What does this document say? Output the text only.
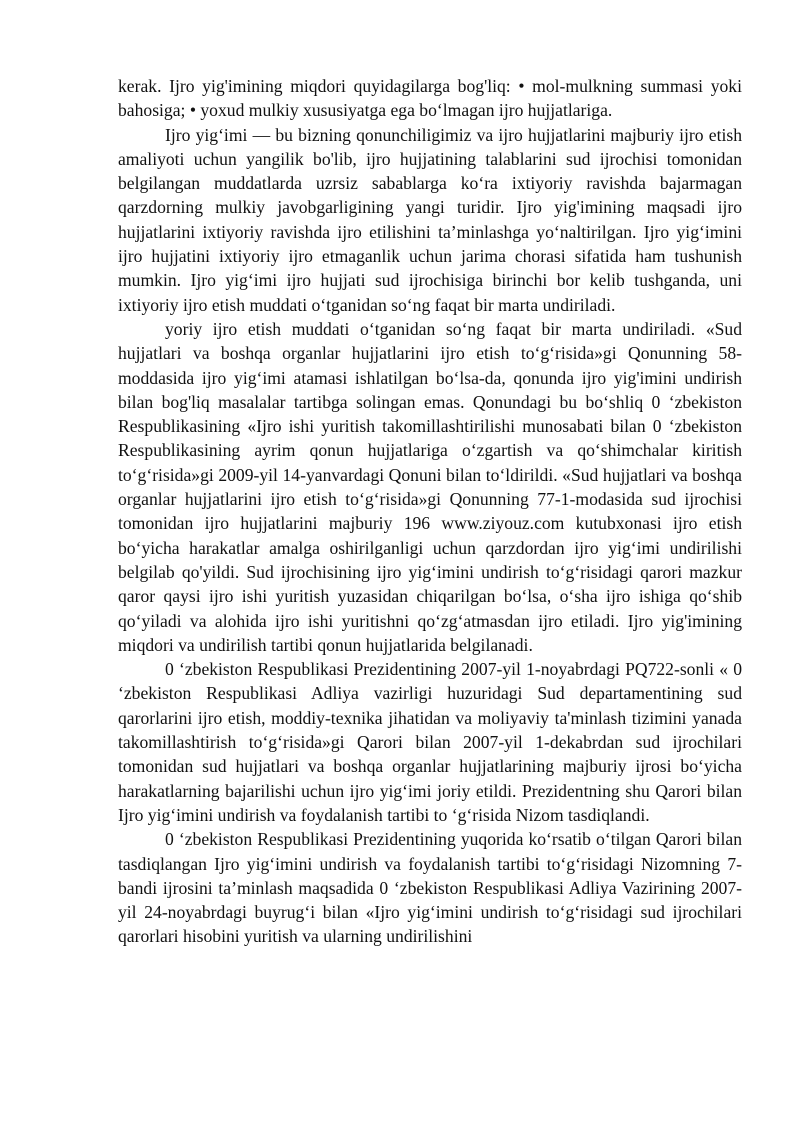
kerak. Ijro yig'imining miqdori quyidagilarga bog'liq: • mol-mulkning summasi yoki bahosiga; • yoxud mulkiy xususiyatga ega bo‘lmagan ijro hujjatlariga.

Ijro yig‘imi — bu bizning qonunchiligimiz va ijro hujjatlarini majburiy ijro etish amaliyoti uchun yangilik bo'lib, ijro hujjatining talablarini sud ijrochisi tomonidan belgilangan muddatlarda uzrsiz sabablarga ko‘ra ixtiyoriy ravishda bajarmagan qarzdorning mulkiy javobgarligining yangi turidir. Ijro yig'imining maqsadi ijro hujjatlarini ixtiyoriy ravishda ijro etilishini ta’minlashga yo‘naltirilgan. Ijro yig‘imini ijro hujjatini ixtiyoriy ijro etmaganlik uchun jarima chorasi sifatida ham tushunish mumkin. Ijro yig‘imi ijro hujjati sud ijrochisiga birinchi bor kelib tushganda, uni ixtiyoriy ijro etish muddati o‘tganidan so‘ng faqat bir marta undiriladi.

yoriy ijro etish muddati o‘tganidan so‘ng faqat bir marta undiriladi. «Sud hujjatlari va boshqa organlar hujjatlarini ijro etish to‘g‘risida»gi Qonunning 58-moddasida ijro yig‘imi atamasi ishlatilgan bo‘lsa-da, qonunda ijro yig'imini undirish bilan bog'liq masalalar tartibga solingan emas. Qonundagi bu bo‘shliq 0 ‘zbekiston Respublikasining «Ijro ishi yuritish takomillashtirilishi munosabati bilan 0 ‘zbekiston Respublikasining ayrim qonun hujjatlariga o‘zgartish va qo‘shimchalar kiritish to‘g‘risida»gi 2009-yil 14-yanvardagi Qonuni bilan to‘ldirildi. «Sud hujjatlari va boshqa organlar hujjatlarini ijro etish to‘g‘risida»gi Qonunning 77-1-modasida sud ijrochisi tomonidan ijro hujjatlarini majburiy 196 www.ziyouz.com kutubxonasi ijro etish bo‘yicha harakatlar amalga oshirilganligi uchun qarzdordan ijro yig‘imi undirilishi belgilab qo'yildi. Sud ijrochisining ijro yig‘imini undirish to‘g‘risidagi qarori mazkur qaror qaysi ijro ishi yuritish yuzasidan chiqarilgan bo‘lsa, o‘sha ijro ishiga qo‘shib qo‘yiladi va alohida ijro ishi yuritishni qo‘zg‘atmasdan ijro etiladi. Ijro yig'imining miqdori va undirilish tartibi qonun hujjatlarida belgilanadi.

0 ‘zbekiston Respublikasi Prezidentining 2007-yil 1-noyabrdagi PQ722-sonli « 0 ‘zbekiston Respublikasi Adliya vazirligi huzuridagi Sud departamentining sud qarorlarini ijro etish, moddiy-texnika jihatidan va moliyaviy ta'minlash tizimini yanada takomillashtirish to‘g‘risida»gi Qarori bilan 2007-yil 1-dekabrdan sud ijrochilari tomonidan sud hujjatlari va boshqa organlar hujjatlarining majburiy ijrosi bo‘yicha harakatlarning bajarilishi uchun ijro yig‘imi joriy etildi. Prezidentning shu Qarori bilan Ijro yig‘imini undirish va foydalanish tartibi to ‘g‘risida Nizom tasdiqlandi.

0 ‘zbekiston Respublikasi Prezidentining yuqorida ko‘rsatib o‘tilgan Qarori bilan tasdiqlangan Ijro yig‘imini undirish va foydalanish tartibi to‘g‘risidagi Nizomning 7-bandi ijrosini ta’minlash maqsadida 0 ‘zbekiston Respublikasi Adliya Vazirining 2007-yil 24-noyabrdagi buyrug‘i bilan «Ijro yig‘imini undirish to‘g‘risidagi sud ijrochilari qarorlari hisobini yuritish va ularning undirilishini
